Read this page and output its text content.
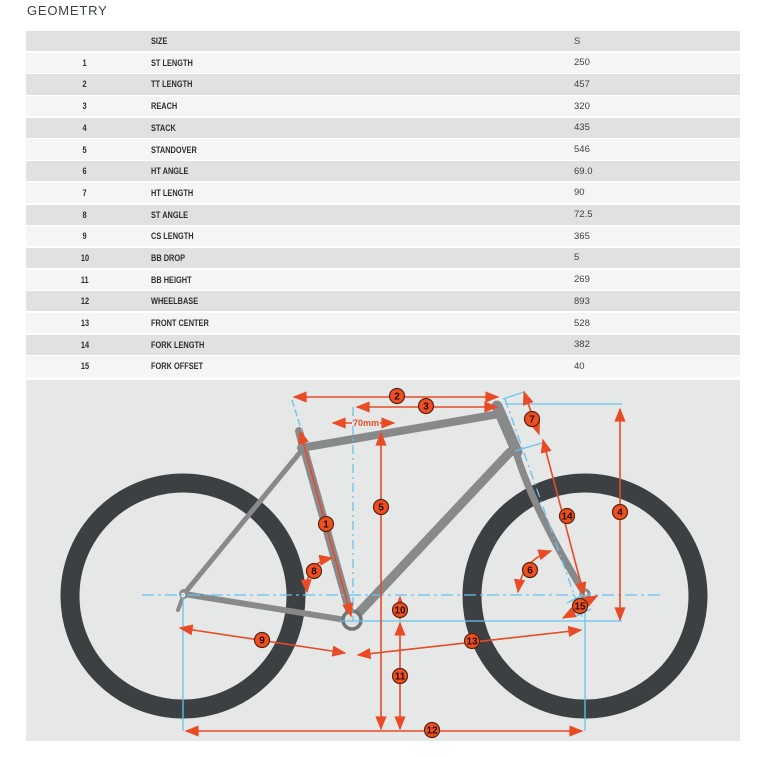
GEOMETRY
SIZE	S
1	ST LENGTH	250
2	TT LENGTH	457
3	REACH	320
4	STACK	435
5	STANDOVER	546
6	HT ANGLE	69.0
7	HT LENGTH	90
8	ST ANGLE	72.5
9	CS LENGTH	365
10	BB DROP	5
11	BB HEIGHT	269
12	WHEELBASE	893
13	FRONT CENTER	528
14	FORK LENGTH	382
15	FORK OFFSET	40
70mm
1
2
3
4
5
6
7
8
9
10
11
12
13
14
15
